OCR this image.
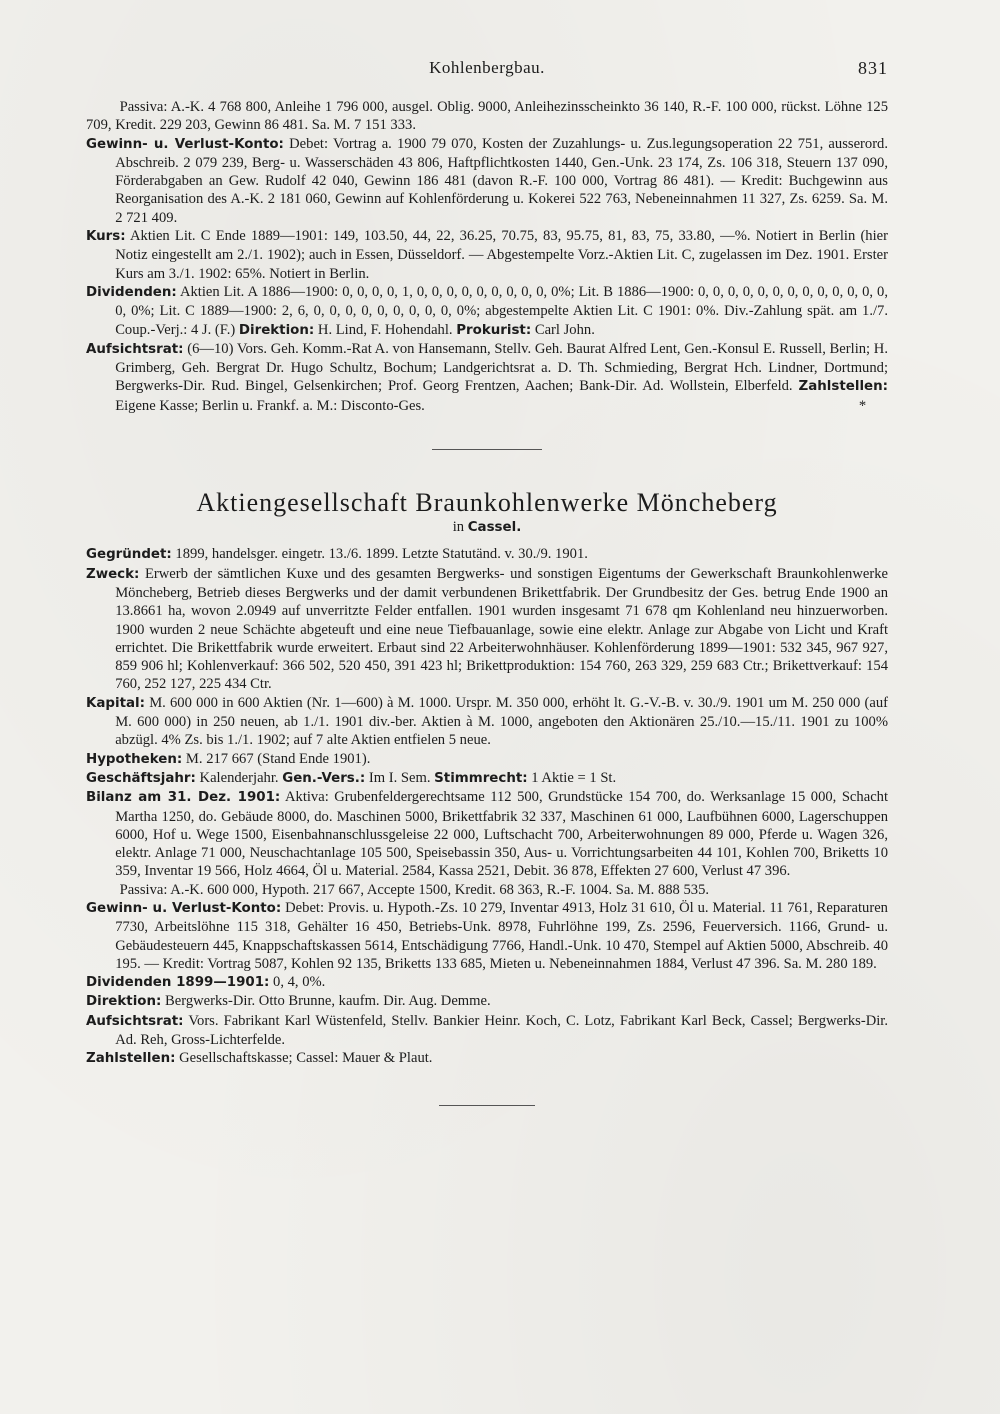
Kohlenbergbau.	831

Passiva: A.-K. 4 768 800, Anleihe 1 796 000, ausgel. Oblig. 9000, Anleihezinsscheinkto 36 140, R.-F. 100 000, rückst. Löhne 125 709, Kredit. 229 203, Gewinn 86 481. Sa. M. 7 151 333.

Gewinn- u. Verlust-Konto: Debet: Vortrag a. 1900 79 070, Kosten der Zuzahlungs- u. Zus.legungsoperation 22 751, ausserord. Abschreib. 2 079 239, Berg- u. Wasserschäden 43 806, Haftpflichtkosten 1440, Gen.-Unk. 23 174, Zs. 106 318, Steuern 137 090, Förderabgaben an Gew. Rudolf 42 040, Gewinn 186 481 (davon R.-F. 100 000, Vortrag 86 481). — Kredit: Buchgewinn aus Reorganisation des A.-K. 2 181 060, Gewinn auf Kohlenförderung u. Kokerei 522 763, Nebeneinnahmen 11 327, Zs. 6259. Sa. M. 2 721 409.

Kurs: Aktien Lit. C Ende 1889—1901: 149, 103.50, 44, 22, 36.25, 70.75, 83, 95.75, 81, 83, 75, 33.80, —%. Notiert in Berlin (hier Notiz eingestellt am 2./1. 1902); auch in Essen, Düsseldorf. — Abgestempelte Vorz.-Aktien Lit. C, zugelassen im Dez. 1901. Erster Kurs am 3./1. 1902: 65%. Notiert in Berlin.

Dividenden: Aktien Lit. A 1886—1900: 0, 0, 0, 0, 1, 0, 0, 0, 0, 0, 0, 0, 0, 0, 0%; Lit. B 1886—1900: 0, 0, 0, 0, 0, 0, 0, 0, 0, 0, 0, 0, 0, 0, 0%; Lit. C 1889—1900: 2, 6, 0, 0, 0, 0, 0, 0, 0, 0, 0, 0%; abgestempelte Aktien Lit. C 1901: 0%. Div.-Zahlung spät. am 1./7. Coup.-Verj.: 4 J. (F.) Direktion: H. Lind, F. Hohendahl. Prokurist: Carl John.

Aufsichtsrat: (6—10) Vors. Geh. Komm.-Rat A. von Hansemann, Stellv. Geh. Baurat Alfred Lent, Gen.-Konsul E. Russell, Berlin; H. Grimberg, Geh. Bergrat Dr. Hugo Schultz, Bochum; Landgerichtsrat a. D. Th. Schmieding, Bergrat Hch. Lindner, Dortmund; Bergwerks-Dir. Rud. Bingel, Gelsenkirchen; Prof. Georg Frentzen, Aachen; Bank-Dir. Ad. Wollstein, Elberfeld. Zahlstellen: Eigene Kasse; Berlin u. Frankf. a. M.: Disconto-Ges.	*

Aktiengesellschaft Braunkohlenwerke Möncheberg

in Cassel.

Gegründet: 1899, handelsger. eingetr. 13./6. 1899. Letzte Statutänd. v. 30./9. 1901.

Zweck: Erwerb der sämtlichen Kuxe und des gesamten Bergwerks- und sonstigen Eigentums der Gewerkschaft Braunkohlenwerke Möncheberg, Betrieb dieses Bergwerks und der damit verbundenen Brikettfabrik. Der Grundbesitz der Ges. betrug Ende 1900 an 13.8661 ha, wovon 2.0949 auf unverritzte Felder entfallen. 1901 wurden insgesamt 71 678 qm Kohlenland neu hinzuerworben. 1900 wurden 2 neue Schächte abgeteuft und eine neue Tiefbauanlage, sowie eine elektr. Anlage zur Abgabe von Licht und Kraft errichtet. Die Brikettfabrik wurde erweitert. Erbaut sind 22 Arbeiterwohnhäuser. Kohlenförderung 1899—1901: 532 345, 967 927, 859 906 hl; Kohlenverkauf: 366 502, 520 450, 391 423 hl; Brikettproduktion: 154 760, 263 329, 259 683 Ctr.; Brikettverkauf: 154 760, 252 127, 225 434 Ctr.

Kapital: M. 600 000 in 600 Aktien (Nr. 1—600) à M. 1000. Urspr. M. 350 000, erhöht lt. G.-V.-B. v. 30./9. 1901 um M. 250 000 (auf M. 600 000) in 250 neuen, ab 1./1. 1901 div.-ber. Aktien à M. 1000, angeboten den Aktionären 25./10.—15./11. 1901 zu 100% abzügl. 4% Zs. bis 1./1. 1902; auf 7 alte Aktien entfielen 5 neue.

Hypotheken: M. 217 667 (Stand Ende 1901).

Geschäftsjahr: Kalenderjahr. Gen.-Vers.: Im I. Sem. Stimmrecht: 1 Aktie = 1 St.

Bilanz am 31. Dez. 1901: Aktiva: Grubenfeldergerechtsame 112 500, Grundstücke 154 700, do. Werksanlage 15 000, Schacht Martha 1250, do. Gebäude 8000, do. Maschinen 5000, Brikettfabrik 32 337, Maschinen 61 000, Laufbühnen 6000, Lagerschuppen 6000, Hof u. Wege 1500, Eisenbahnanschlussgeleise 22 000, Luftschacht 700, Arbeiterwohnungen 89 000, Pferde u. Wagen 326, elektr. Anlage 71 000, Neuschachtanlage 105 500, Speisebassin 350, Aus- u. Vorrichtungsarbeiten 44 101, Kohlen 700, Briketts 10 359, Inventar 19 566, Holz 4664, Öl u. Material. 2584, Kassa 2521, Debit. 36 878, Effekten 27 600, Verlust 47 396.

Passiva: A.-K. 600 000, Hypoth. 217 667, Accepte 1500, Kredit. 68 363, R.-F. 1004. Sa. M. 888 535.

Gewinn- u. Verlust-Konto: Debet: Provis. u. Hypoth.-Zs. 10 279, Inventar 4913, Holz 31 610, Öl u. Material. 11 761, Reparaturen 7730, Arbeitslöhne 115 318, Gehälter 16 450, Betriebs-Unk. 8978, Fuhrlöhne 199, Zs. 2596, Feuerversich. 1166, Grund- u. Gebäudesteuern 445, Knappschaftskassen 5614, Entschädigung 7766, Handl.-Unk. 10 470, Stempel auf Aktien 5000, Abschreib. 40 195. — Kredit: Vortrag 5087, Kohlen 92 135, Briketts 133 685, Mieten u. Nebeneinnahmen 1884, Verlust 47 396. Sa. M. 280 189.

Dividenden 1899—1901: 0, 4, 0%.

Direktion: Bergwerks-Dir. Otto Brunne, kaufm. Dir. Aug. Demme.

Aufsichtsrat: Vors. Fabrikant Karl Wüstenfeld, Stellv. Bankier Heinr. Koch, C. Lotz, Fabrikant Karl Beck, Cassel; Bergwerks-Dir. Ad. Reh, Gross-Lichterfelde.

Zahlstellen: Gesellschaftskasse; Cassel: Mauer & Plaut.
